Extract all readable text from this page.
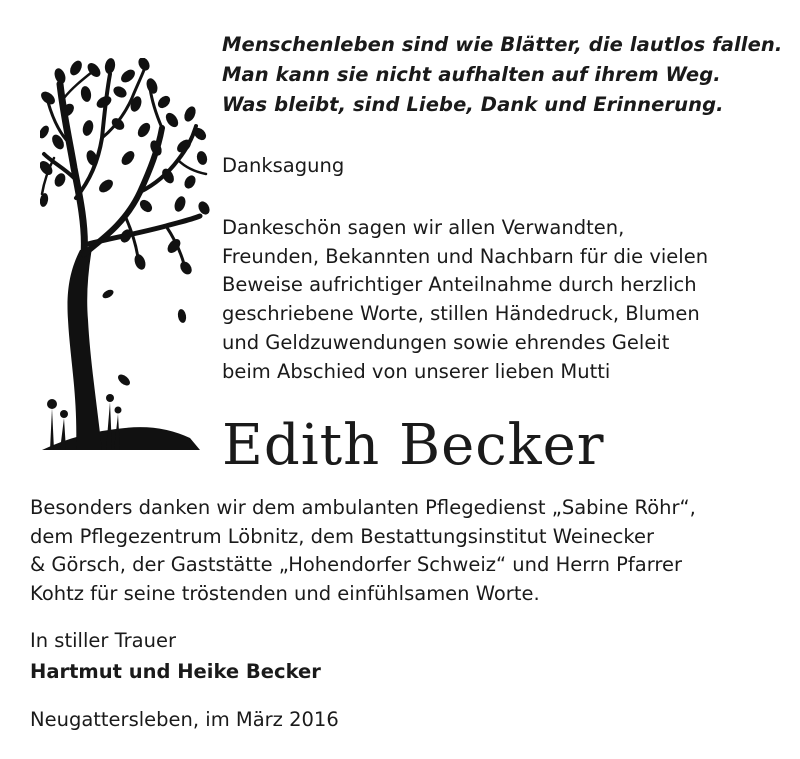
Menschenleben sind wie Blätter, die lautlos fallen.
Man kann sie nicht aufhalten auf ihrem Weg.
Was bleibt, sind Liebe, Dank und Erinnerung.
Danksagung
Dankeschön sagen wir allen Verwandten,
Freunden, Bekannten und Nachbarn für die vielen
Beweise aufrichtiger Anteilnahme durch herzlich
geschriebene Worte, stillen Händedruck, Blumen
und Geldzuwendungen sowie ehrendes Geleit
beim Abschied von unserer lieben Mutti
Edith Becker
Besonders danken wir dem ambulanten Pflegedienst „Sabine Röhr“,
dem Pflegezentrum Löbnitz, dem Bestattungsinstitut Weinecker
& Görsch, der Gaststätte „Hohendorfer Schweiz“ und Herrn Pfarrer
Kohtz für seine tröstenden und einfühlsamen Worte.
In stiller Trauer
Hartmut und Heike Becker
Neugattersleben, im März 2016
